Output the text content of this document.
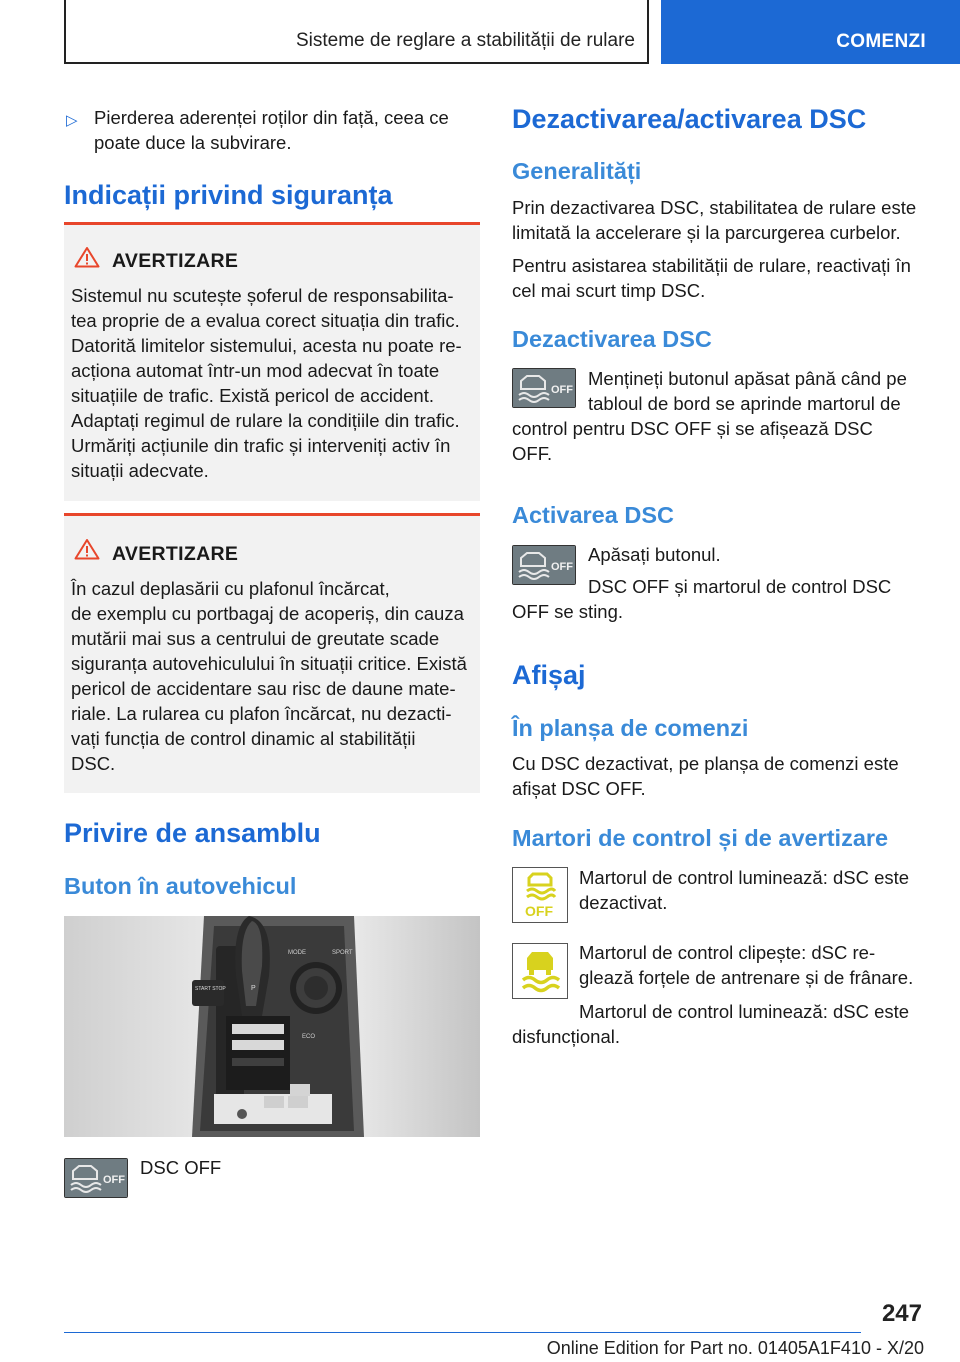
Sisteme de reglare a stabilității de rulare	COMENZI
▷ Pierderea aderenței roților din față, ceea ce
poate duce la subvirare.
Indicații privind siguranța
AVERTIZARE
Sistemul nu scutește șoferul de responsabilita-
tea proprie de a evalua corect situația din trafic.
Datorită limitelor sistemului, acesta nu poate re-
acționa automat într-un mod adecvat în toate
situațiile de trafic. Există pericol de accident.
Adaptați regimul de rulare la condițiile din trafic.
Urmăriți acțiunile din trafic și interveniți activ în
situații adecvate.
AVERTIZARE
În cazul deplasării cu plafonul încărcat,
de exemplu cu portbagaj de acoperiș, din cauza
mutării mai sus a centrului de greutate scade
siguranța autovehiculului în situații critice. Există
pericol de accidentare sau risc de daune mate-
riale. La rularea cu plafon încărcat, nu dezacti-
vați funcția de control dinamic al stabilității
DSC.
Privire de ansamblu
Buton în autovehicul
P
MODE	SPORT
ECO
START STOP
OFF
DSC OFF
Dezactivarea/activarea DSC
Generalități
Prin dezactivarea DSC, stabilitatea de rulare este
limitată la accelerare și la parcurgerea curbelor.
Pentru asistarea stabilității de rulare, reactivați în
cel mai scurt timp DSC.
Dezactivarea DSC
OFF
Mențineți butonul apăsat până când pe
tabloul de bord se aprinde martorul de
control pentru DSC OFF și se afișează DSC
OFF.
Activarea DSC
OFF
Apăsați butonul.
DSC OFF și martorul de control DSC
OFF se sting.
Afișaj
În planșa de comenzi
Cu DSC dezactivat, pe planșa de comenzi este
afișat DSC OFF.
Martori de control și de avertizare
OFF
Martorul de control luminează: dSC este
dezactivat.
Martorul de control clipește: dSC re-
glează forțele de antrenare și de frânare.
Martorul de control luminează: dSC este
disfuncțional.
247
Online Edition for Part no. 01405A1F410 - X/20
